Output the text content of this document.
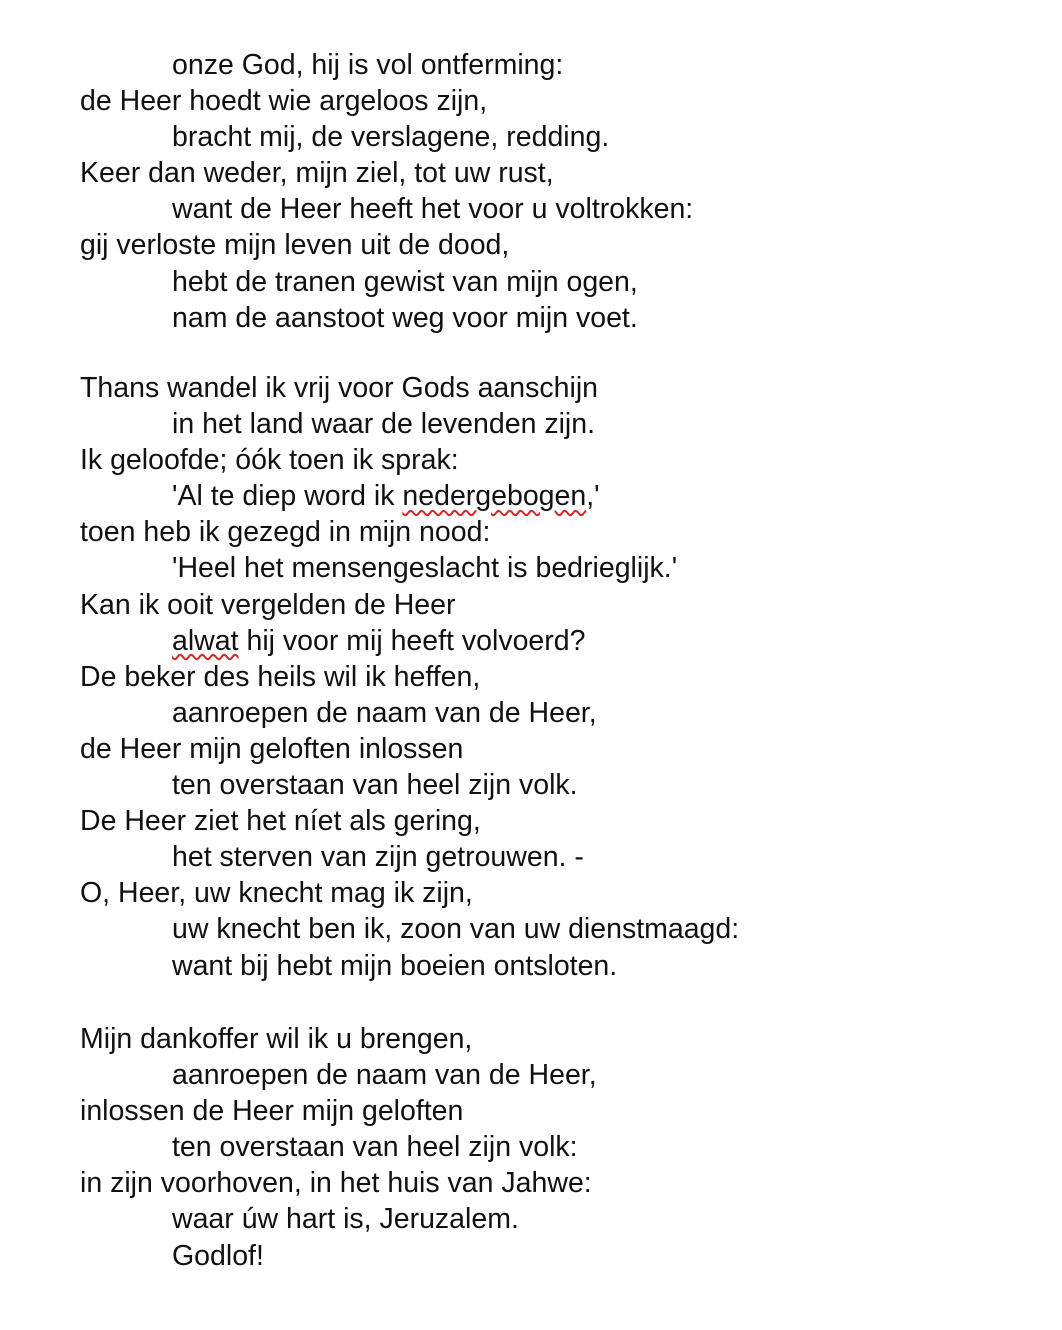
onze God, hij is vol ontferming:
de Heer hoedt wie argeloos zijn,
bracht mij, de verslagene, redding.
Keer dan weder, mijn ziel, tot uw rust,
want de Heer heeft het voor u voltrokken:
gij verloste mijn leven uit de dood,
hebt de tranen gewist van mijn ogen,
nam de aanstoot weg voor mijn voet.
Thans wandel ik vrij voor Gods aanschijn
in het land waar de levenden zijn.
Ik geloofde; óók toen ik sprak:
'Al te diep word ik nedergebogen,'
toen heb ik gezegd in mijn nood:
'Heel het mensengeslacht is bedrieglijk.'
Kan ik ooit vergelden de Heer
alwat hij voor mij heeft volvoerd?
De beker des heils wil ik heffen,
aanroepen de naam van de Heer,
de Heer mijn geloften inlossen
ten overstaan van heel zijn volk.
De Heer ziet het níet als gering,
het sterven van zijn getrouwen. -
O, Heer, uw knecht mag ik zijn,
uw knecht ben ik, zoon van uw dienstmaagd:
want bij hebt mijn boeien ontsloten.
Mijn dankoffer wil ik u brengen,
aanroepen de naam van de Heer,
inlossen de Heer mijn geloften
ten overstaan van heel zijn volk:
in zijn voorhoven, in het huis van Jahwe:
waar úw hart is, Jeruzalem.
Godlof!
